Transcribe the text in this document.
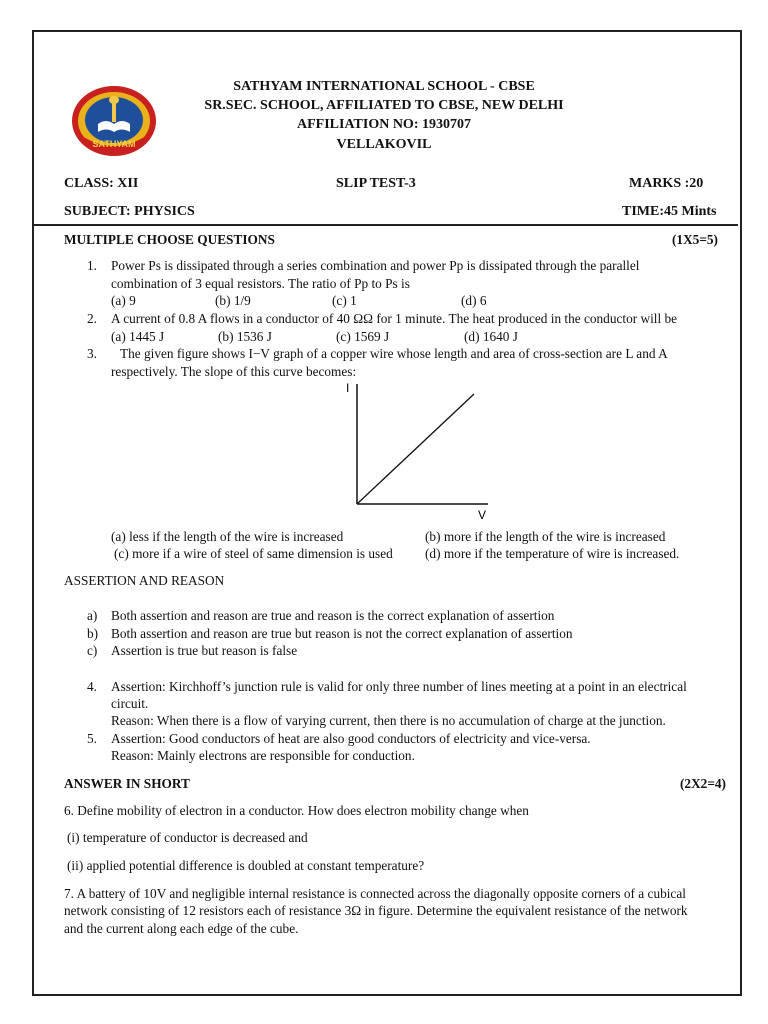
SATHYAM
SATHYAM INTERNATIONAL SCHOOL - CBSE
SR.SEC. SCHOOL, AFFILIATED TO CBSE, NEW DELHI
AFFILIATION NO: 1930707
VELLAKOVIL
CLASS: XII	SLIP TEST-3	MARKS :20
SUBJECT: PHYSICS	TIME:45 Mints
MULTIPLE CHOOSE QUESTIONS	(1X5=5)
1. Power Ps is dissipated through a series combination and power Pp is dissipated through the parallel
combination of 3 equal resistors. The ratio of Pp to Ps is
(a) 9	(b) 1/9	(c) 1	(d) 6
2. A current of 0.8 A flows in a conductor of 40 ΩΩ for 1 minute. The heat produced in the conductor will be
(a) 1445 J	(b) 1536 J	(c) 1569 J	(d) 1640 J
3. The given figure shows I−V graph of a copper wire whose length and area of cross-section are L and A
respectively. The slope of this curve becomes:
I
V
(a) less if the length of the wire is increased	(b) more if the length of the wire is increased
(c) more if a wire of steel of same dimension is used (d) more if the temperature of wire is increased.
ASSERTION AND REASON
a) Both assertion and reason are true and reason is the correct explanation of assertion
b) Both assertion and reason are true but reason is not the correct explanation of assertion
c) Assertion is true but reason is false
4. Assertion: Kirchhoff’s junction rule is valid for only three number of lines meeting at a point in an electrical
circuit.
Reason: When there is a flow of varying current, then there is no accumulation of charge at the junction.
5. Assertion: Good conductors of heat are also good conductors of electricity and vice-versa.
Reason: Mainly electrons are responsible for conduction.
ANSWER IN SHORT	(2X2=4)
6. Define mobility of electron in a conductor. How does electron mobility change when
(i) temperature of conductor is decreased and
(ii) applied potential difference is doubled at constant temperature?
7. A battery of 10V and negligible internal resistance is connected across the diagonally opposite corners of a cubical
network consisting of 12 resistors each of resistance 3Ω in figure. Determine the equivalent resistance of the network
and the current along each edge of the cube.
